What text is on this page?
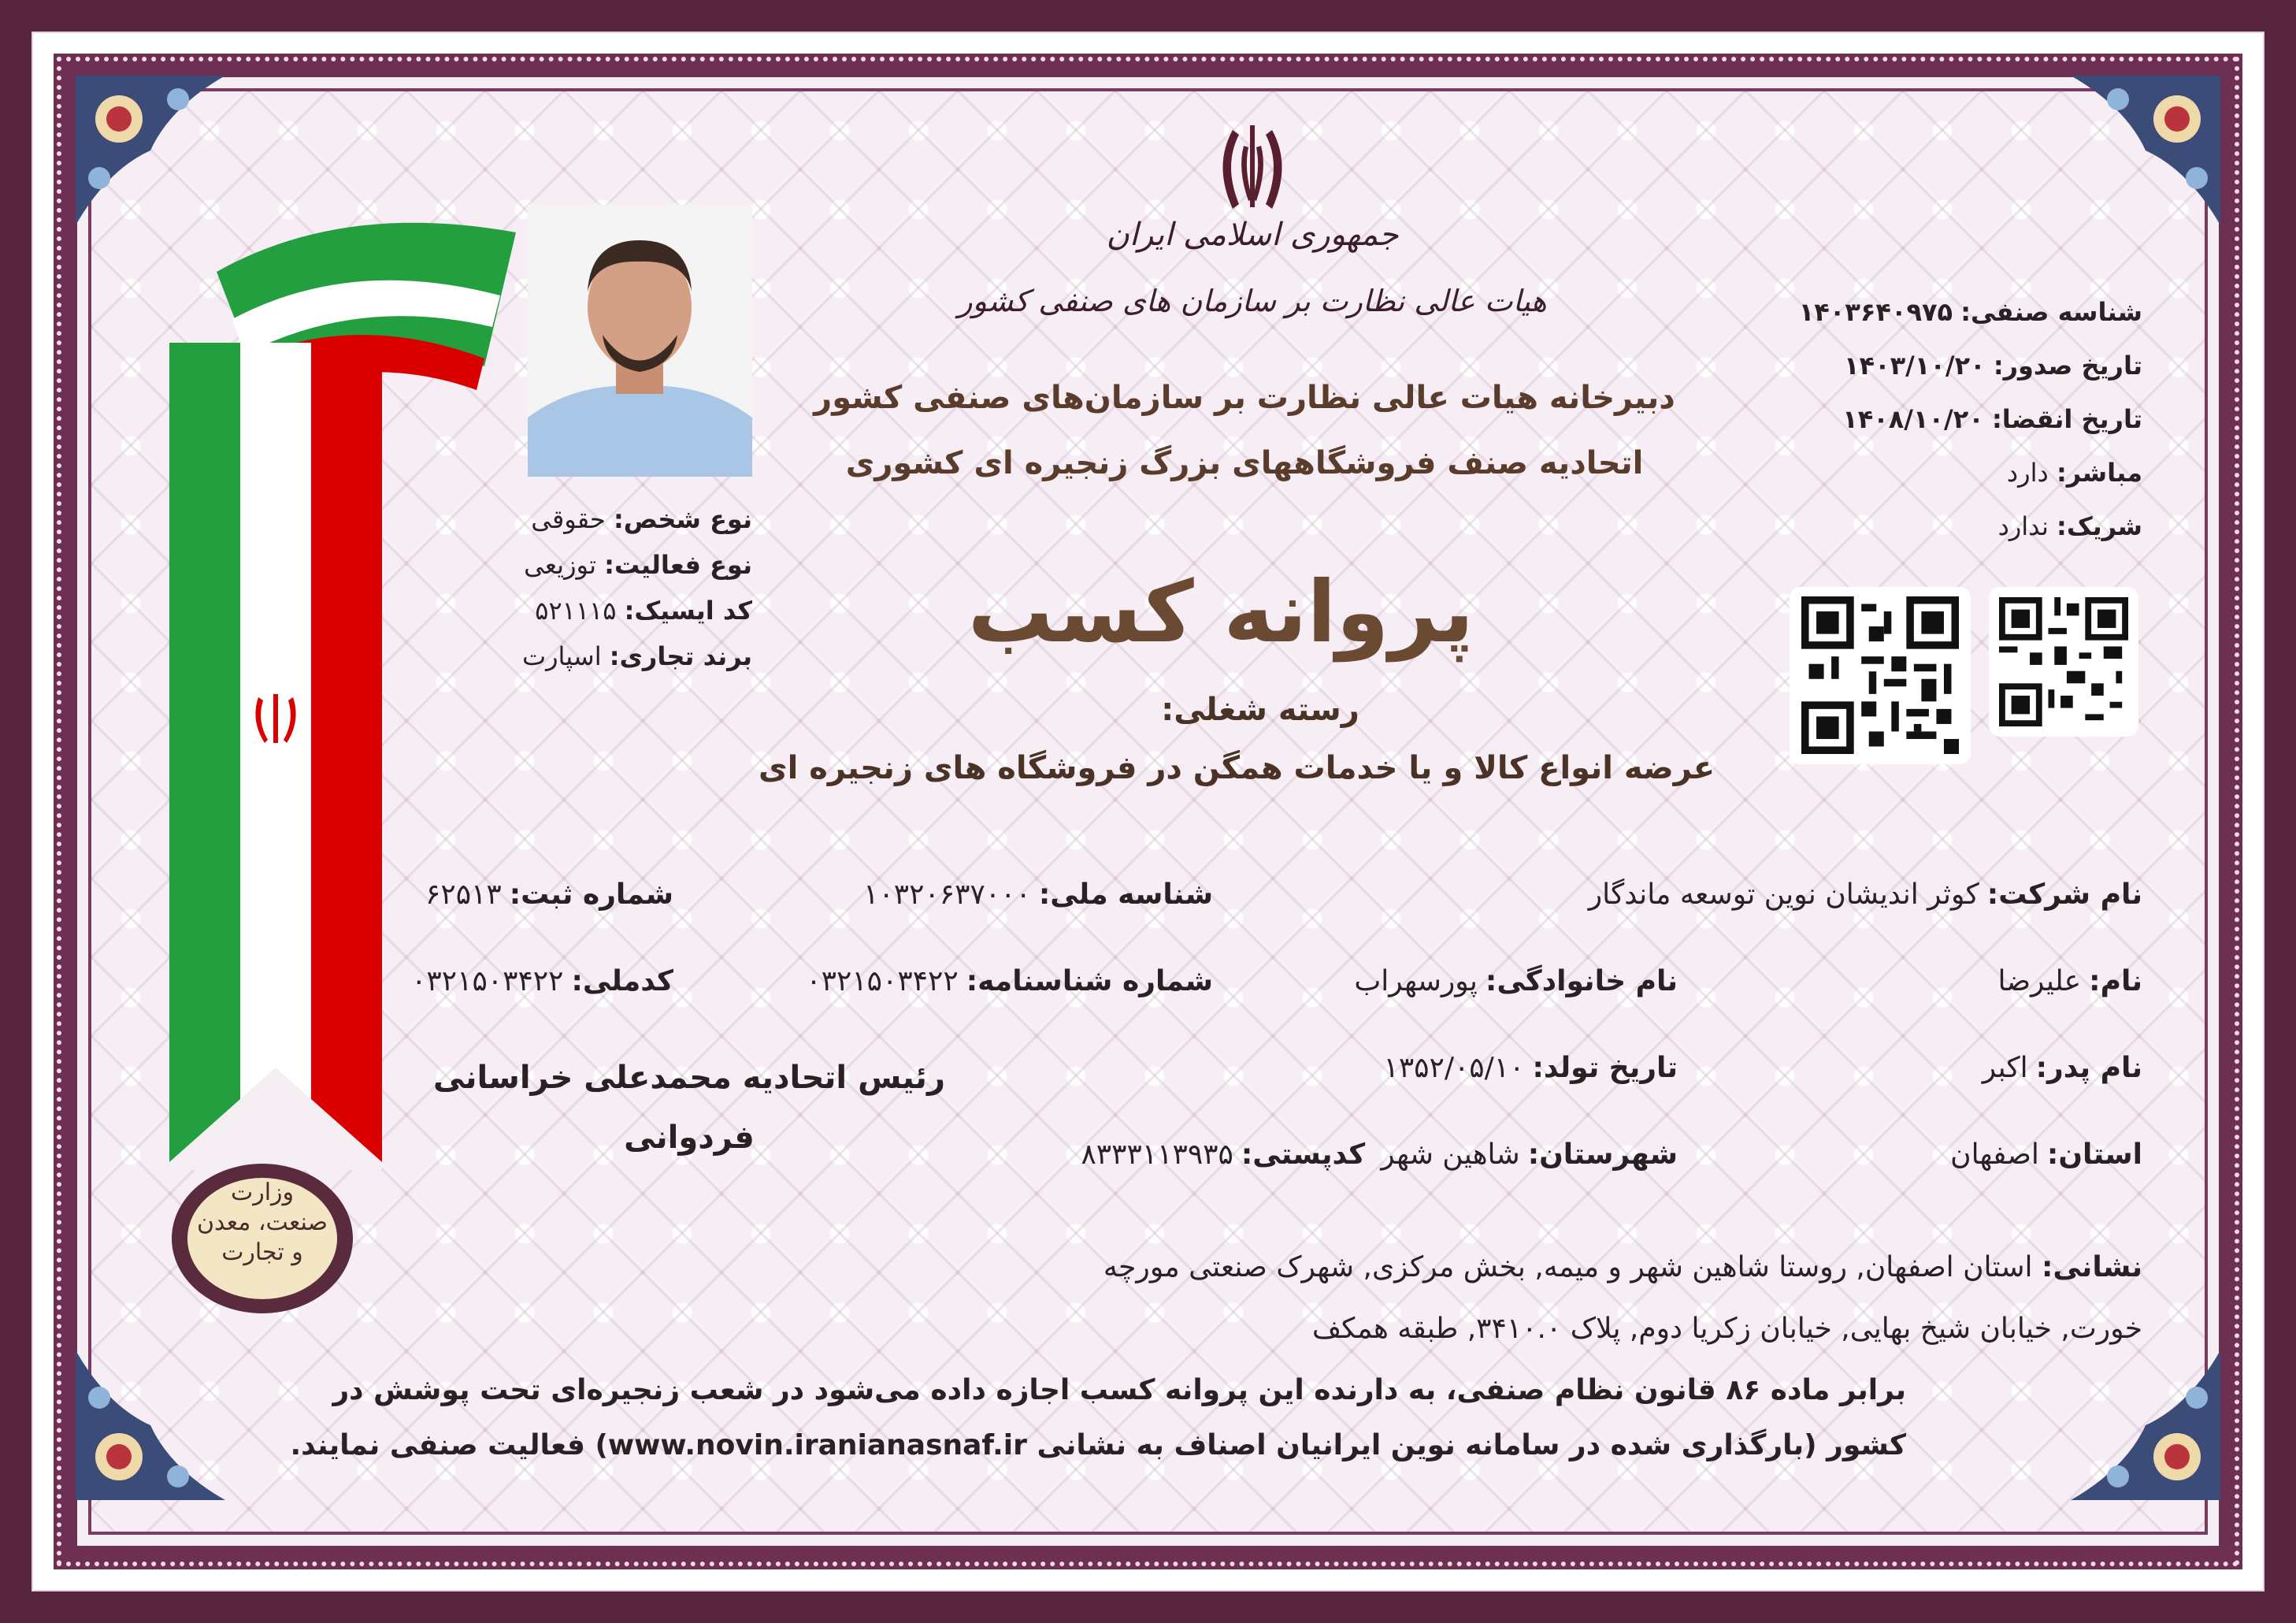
وزارت
صنعت، معدن
و تجارت
نوع شخص: حقوقی
نوع فعالیت: توزیعی
کد ایسیک: ۵۲۱۱۱۵
برند تجاری: اسپارت
جمهوری اسلامی ایران
هیات عالی نظارت بر سازمان های صنفی کشور
دبیرخانه هیات عالی نظارت بر سازمان‌های صنفی کشور
اتحادیه صنف فروشگاههای بزرگ زنجیره ای کشوری
پروانه کسب
رسته شغلی:
عرضه انواع کالا و یا خدمات همگن در فروشگاه های زنجیره ای
شناسه صنفی: ۱۴۰۳۶۴۰۹۷۵
تاریخ صدور: ۱۴۰۳/۱۰/۲۰
تاریخ انقضا: ۱۴۰۸/۱۰/۲۰
مباشر: دارد
شریک: ندارد
نام شرکت:
کوثر اندیشان نوین توسعه ماندگار
شناسه ملی:
۱۰۳۲۰۶۳۷۰۰۰
شماره ثبت:
۶۲۵۱۳
نام:
علیرضا
نام خانوادگی:
پورسهراب
شماره شناسنامه:
۰۳۲۱۵۰۳۴۲۲
کدملی:
۰۳۲۱۵۰۳۴۲۲
نام پدر:
اکبر
تاریخ تولد:
۱۳۵۲/۰۵/۱۰
استان:
اصفهان
شهرستان:
شاهین شهر
کدپستی:
۸۳۳۳۱۱۳۹۳۵
رئیس اتحادیه محمدعلی خراسانی
فردوانی
نشانی: استان اصفهان, روستا شاهین شهر و میمه, بخش مرکزی, شهرک صنعتی مورچه
خورت, خیابان شیخ بهایی, خیابان زکریا دوم, پلاک ۳۴۱۰.۰, طبقه همکف
برابر ماده ۸۶ قانون نظام صنفی، به دارنده این پروانه کسب اجازه داده می‌شود در شعب زنجیره‌ای تحت پوشش در
کشور (بارگذاری شده در سامانه نوین ایرانیان اصناف به نشانی www.novin.iranianasnaf.ir) فعالیت صنفی نمایند.
